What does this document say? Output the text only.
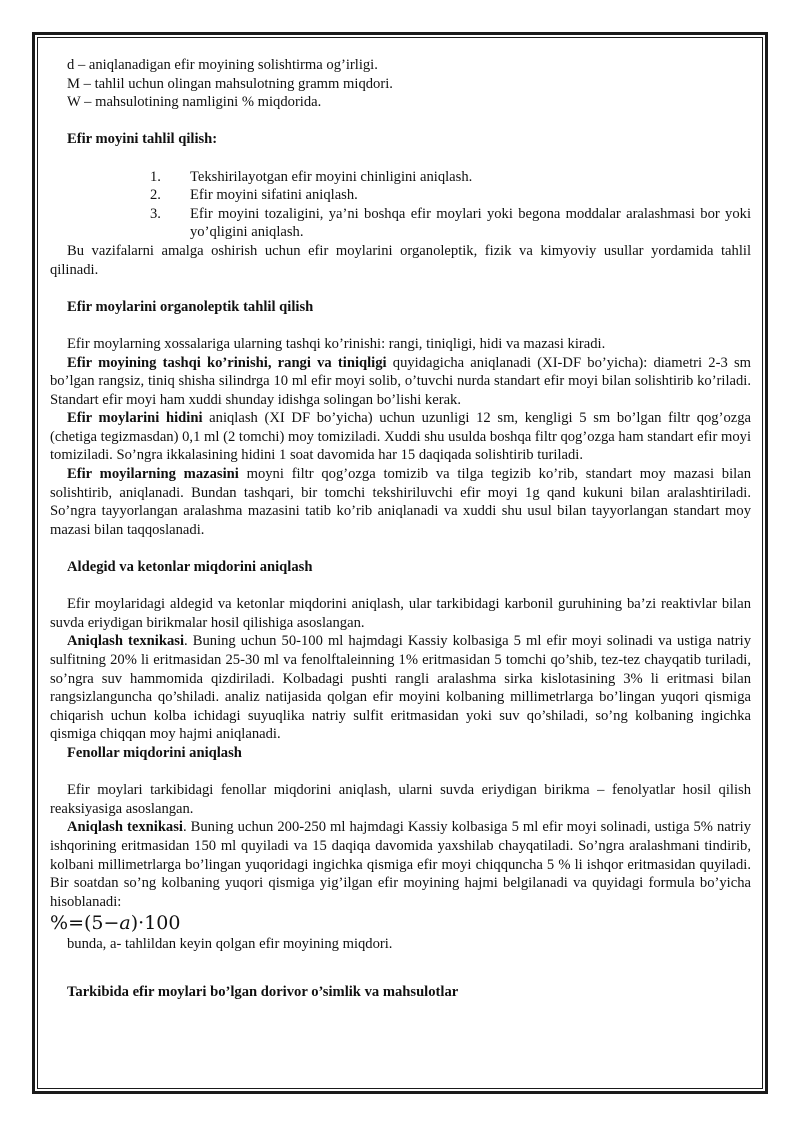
d – aniqlanadigan efir moyining solishtirma og’irligi.

M – tahlil uchun olingan mahsulotning gramm miqdori.

W – mahsulotining namligini % miqdorida.

Efir moyini tahlil qilish:

1. Tekshirilayotgan efir moyini chinligini aniqlash.
2. Efir moyini sifatini aniqlash.
3. Efir moyini tozaligini, ya’ni boshqa efir moylari yoki begona moddalar aralashmasi bor yoki yo’qligini aniqlash.

Bu vazifalarni amalga oshirish uchun efir moylarini organoleptik, fizik va kimyoviy usullar yordamida tahlil qilinadi.

Efir moylarini organoleptik tahlil qilish

Efir moylarning xossalariga ularning tashqi ko’rinishi: rangi, tiniqligi, hidi va mazasi kiradi.

Efir moyining tashqi ko’rinishi, rangi va tiniqligi quyidagicha aniqlanadi (XI-DF bo’yicha): diametri 2-3 sm bo’lgan rangsiz, tiniq shisha silindrga 10 ml efir moyi solib, o’tuvchi nurda standart efir moyi bilan solishtirib ko’riladi. Standart efir moyi ham xuddi shunday idishga solingan bo’lishi kerak.

Efir moylarini hidini aniqlash (XI DF bo’yicha) uchun uzunligi 12 sm, kengligi 5 sm bo’lgan filtr qog’ozga (chetiga tegizmasdan) 0,1 ml (2 tomchi) moy tomiziladi. Xuddi shu usulda boshqa filtr qog’ozga ham standart efir moyi tomiziladi. So’ngra ikkalasining hidini 1 soat davomida har 15 daqiqada solishtirib turiladi.

Efir moyilarning mazasini moyni filtr qog’ozga tomizib va tilga tegizib ko’rib, standart moy mazasi bilan solishtirib, aniqlanadi. Bundan tashqari, bir tomchi tekshiriluvchi efir moyi 1g qand kukuni bilan aralashtiriladi. So’ngra tayyorlangan aralashma mazasini tatib ko’rib aniqlanadi va xuddi shu usul bilan tayyorlangan standart moy mazasi bilan taqqoslanadi.

Aldegid va ketonlar miqdorini aniqlash

Efir moylaridagi aldegid va ketonlar miqdorini aniqlash, ular tarkibidagi karbonil guruhining ba’zi reaktivlar bilan suvda eriydigan birikmalar hosil qilishiga asoslangan.

Aniqlash texnikasi. Buning uchun 50-100 ml hajmdagi Kassiy kolbasiga 5 ml efir moyi solinadi va ustiga natriy sulfitning 20% li eritmasidan 25-30 ml va fenolftaleinning 1% eritmasidan 5 tomchi qo’shib, tez-tez chayqatib turiladi, so’ngra suv hammomida qizdiriladi. Kolbadagi pushti rangli aralashma sirka kislotasining 3% li eritmasi bilan rangsizlanguncha qo’shiladi. analiz natijasida qolgan efir moyini kolbaning millimetrlarga bo’lingan yuqori qismiga chiqarish uchun kolba ichidagi suyuqlika natriy sulfit eritmasidan yoki suv qo’shiladi, so’ng kolbaning ingichka qismiga chiqqan moy hajmi aniqlanadi.

Fenollar miqdorini aniqlash

Efir moylari tarkibidagi fenollar miqdorini aniqlash, ularni suvda eriydigan birikma – fenolyatlar hosil qilish reaksiyasiga asoslangan.

Aniqlash texnikasi. Buning uchun 200-250 ml hajmdagi Kassiy kolbasiga 5 ml efir moyi solinadi, ustiga 5% natriy ishqorining eritmasidan 150 ml quyiladi va 15 daqiqa davomida yaxshilab chayqatiladi. So’ngra aralashmani tindirib, kolbani millimetrlarga bo’lingan yuqoridagi ingichka qismiga efir moyi chiqquncha 5 % li ishqor eritmasidan quyiladi. Bir soatdan so’ng kolbaning yuqori qismiga yig’ilgan efir moyining hajmi belgilanadi va quyidagi formula bo’yicha hisoblanadi:

%=(5−a)·100

bunda, a- tahlildan keyin qolgan efir moyining miqdori.

Tarkibida efir moylari bo’lgan dorivor o’simlik va mahsulotlar
